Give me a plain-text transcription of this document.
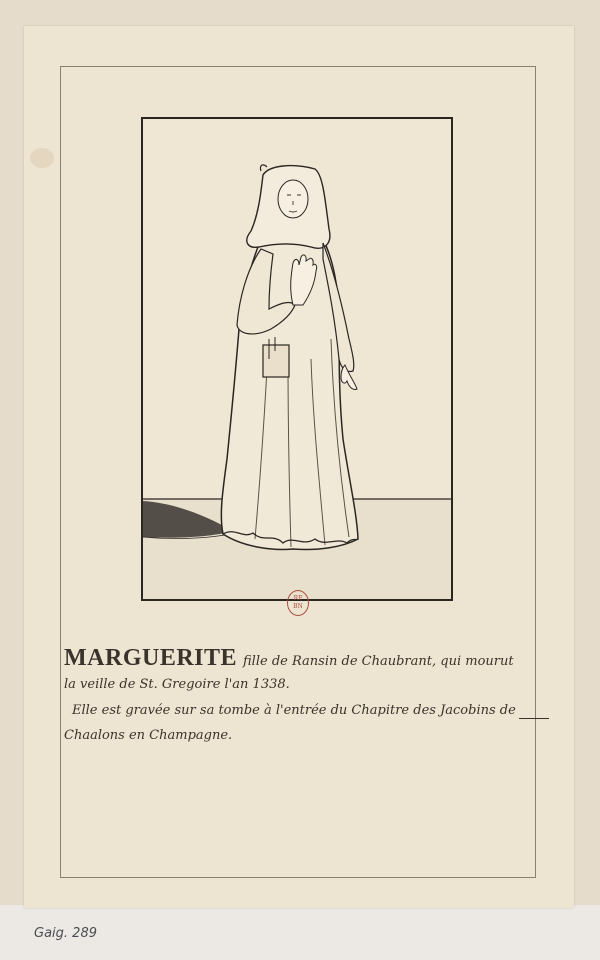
RF BN
MARGUERITE fille de Ransin de Chaubrant, qui mourut
la veille de St. Gregoire l'an 1338.
Elle est gravée sur sa tombe à l'entrée du Chapitre des Jacobins de
Chaalons en Champagne.
Gaig. 289
